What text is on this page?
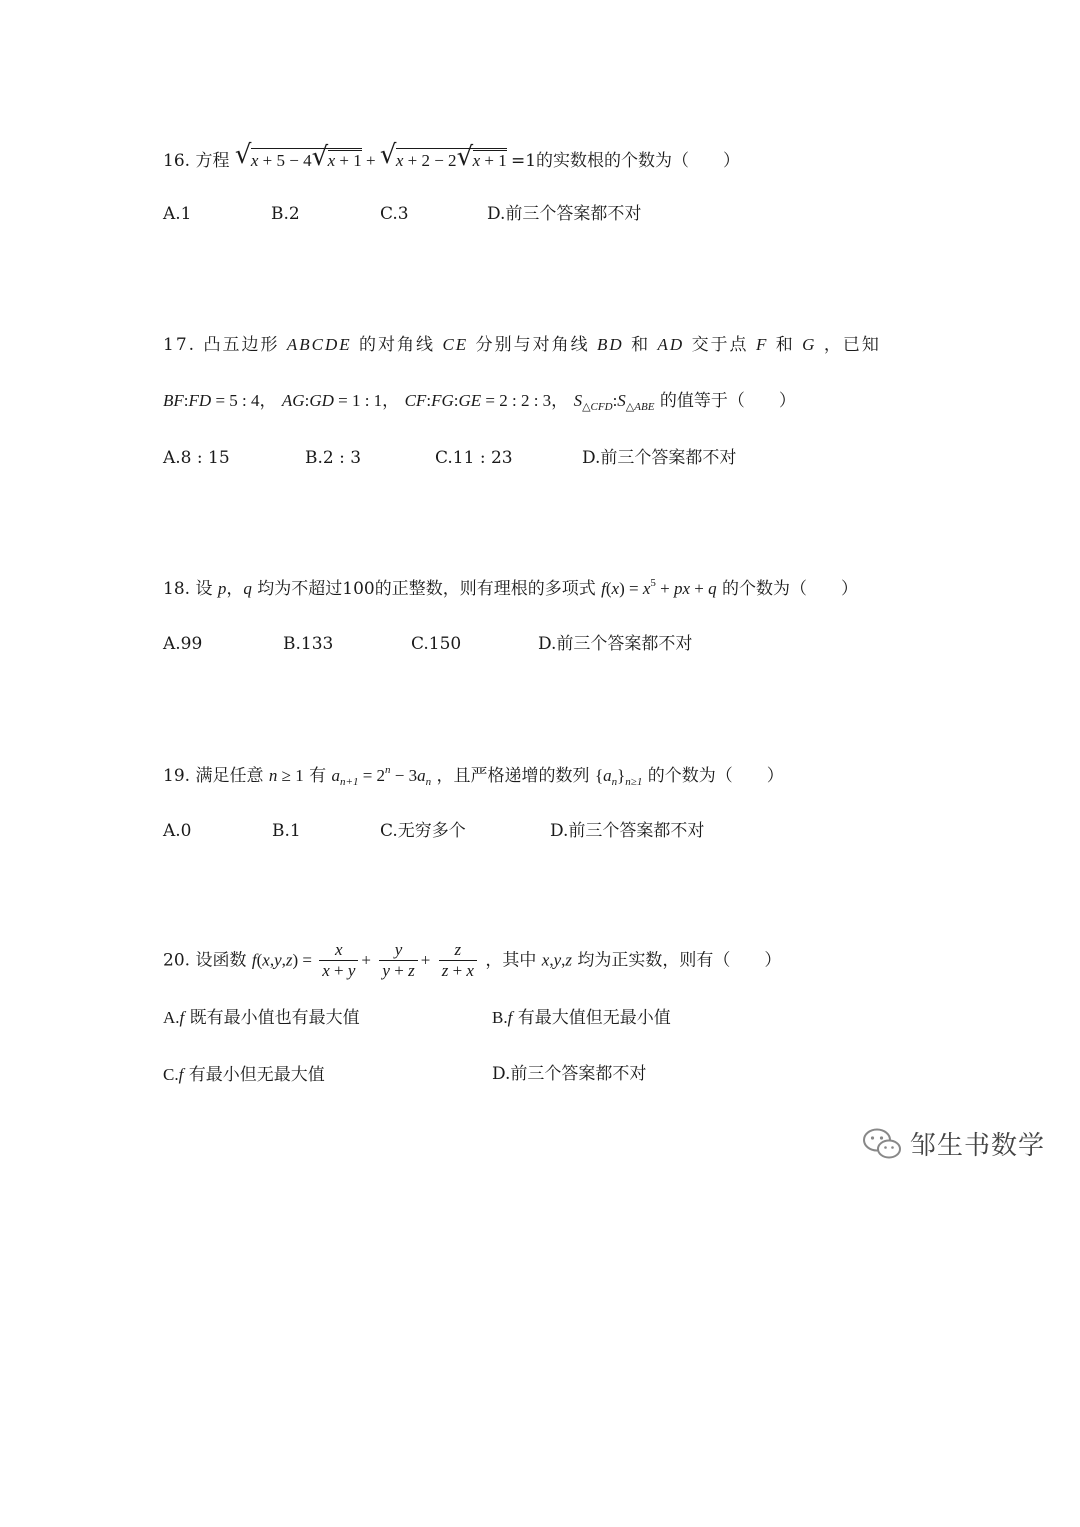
16. 方程 √ x + 5 − 4 √ x + 1 + √ x + 2 − 2 √ x + 1 =1的实数根的个数为（　　）
A.1	B.2	C.3	D.前三个答案都不对
17. 凸五边形 ABCDE 的对角线 CE 分别与对角线 BD 和 AD 交于点 F 和 G ，已知
BF:FD = 5 : 4， AG:GD = 1 : 1， CF:FG:GE = 2 : 2 : 3， $S_{\triangle CFD}:S_{\triangle ABE}$ 的值等于（　　）
A.8 : 15	B.2 : 3	C.11 : 23	D.前三个答案都不对
18. 设 p，q 均为不超过100的正整数，则有理根的多项式 $f(x) = x^5$ + px + q 的个数为（　　）
A.99	B.133	C.150	D.前三个答案都不对
19. 满足任意 n ≥ 1 有 $a_{n+1} = 2^n - 3a_n$ ，且严格递增的数列 $\{a_n\}_{n\ge 1}$ 的个数为（　　）
A.0	B.1	C.无穷多个	D.前三个答案都不对
20. 设函数 $f(x,y,z) = \frac{x}{x + y} + \frac{y}{y + z} + \frac{z}{z + x}$ ，其中 x,y,z 均为正实数，则有（　　）
A.f 既有最小值也有最大值	B.f 有最大值但无最小值
C.f 有最小但无最大值	D.前三个答案都不对
邹生书数学
